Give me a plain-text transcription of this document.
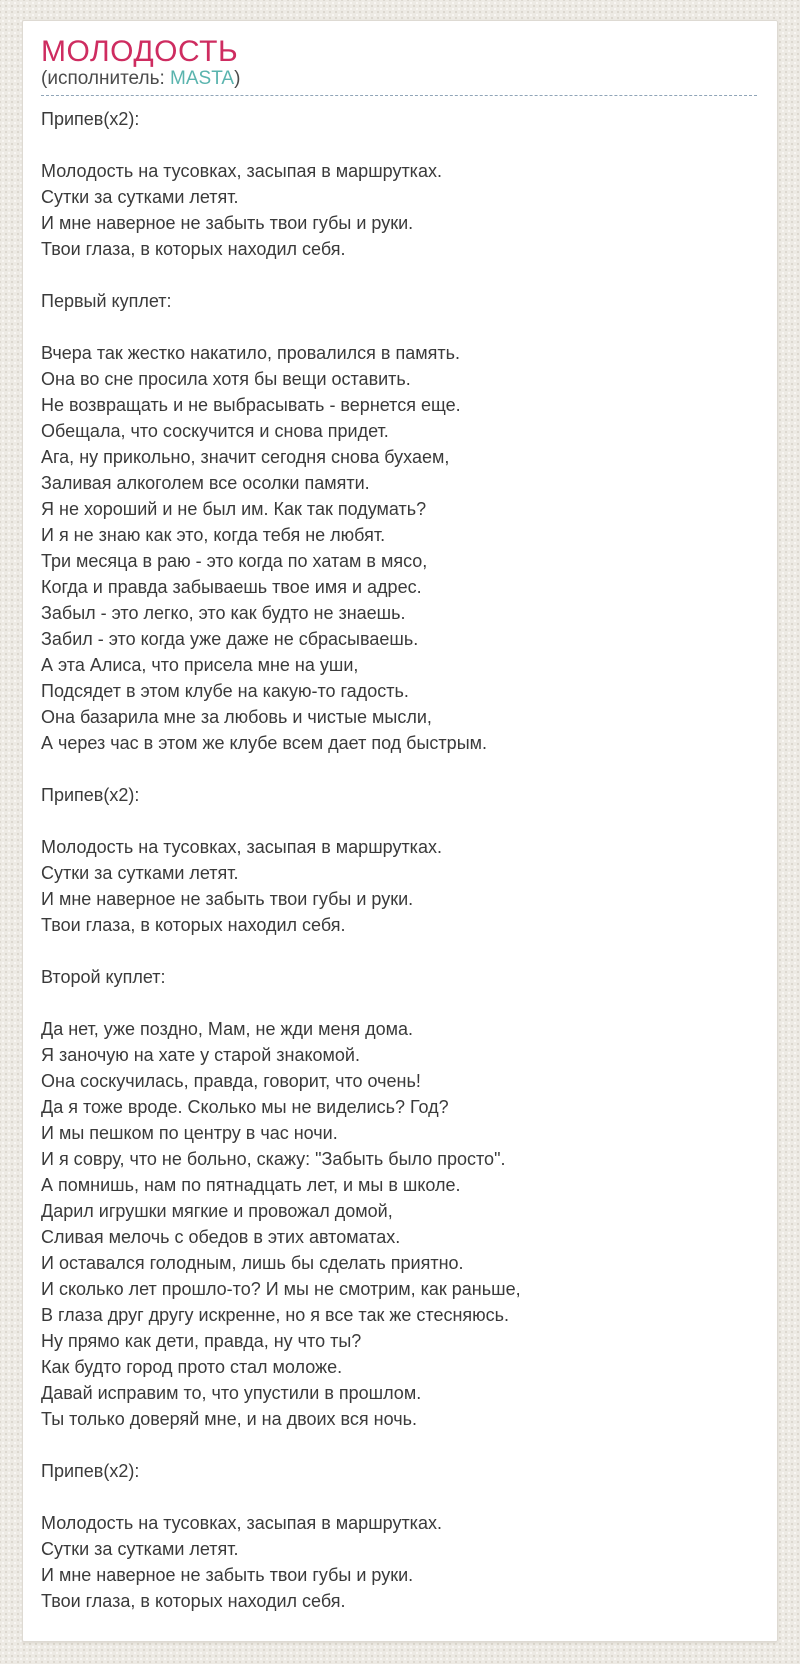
МОЛОДОСТЬ
(исполнитель: MASTA)
Припев(х2):

Молодость на тусовках, засыпая в маршрутках.
Сутки за сутками летят.
И мне наверное не забыть твои губы и руки.
Твои глаза, в которых находил себя.

Первый куплет:

Вчера так жестко накатило, провалился в память.
Она во сне просила хотя бы вещи оставить.
Не возвращать и не выбрасывать - вернется еще.
Обещала, что соскучится и снова придет.
Ага, ну прикольно, значит сегодня снова бухаем,
Заливая алкоголем все осолки памяти.
Я не хороший и не был им. Как так подумать?
И я не знаю как это, когда тебя не любят.
Три месяца в раю - это когда по хатам в мясо,
Когда и правда забываешь твое имя и адрес.
Забыл - это легко, это как будто не знаешь.
Забил - это когда уже даже не сбрасываешь.
А эта Алиса, что присела мне на уши,
Подсядет в этом клубе на какую-то гадость.
Она базарила мне за любовь и чистые мысли,
А через час в этом же клубе всем дает под быстрым.

Припев(х2):

Молодость на тусовках, засыпая в маршрутках.
Сутки за сутками летят.
И мне наверное не забыть твои губы и руки.
Твои глаза, в которых находил себя.

Второй куплет:

Да нет, уже поздно, Мам, не жди меня дома.
Я заночую на хате у старой знакомой.
Она соскучилась, правда, говорит, что очень!
Да я тоже вроде. Сколько мы не виделись? Год?
И мы пешком по центру в час ночи.
И я совру, что не больно, скажу: "Забыть было просто".
А помнишь, нам по пятнадцать лет, и мы в школе.
Дарил игрушки мягкие и провожал домой,
Сливая мелочь с обедов в этих автоматах.
И оставался голодным, лишь бы сделать приятно.
И сколько лет прошло-то? И мы не смотрим, как раньше,
В глаза друг другу искренне, но я все так же стесняюсь.
Ну прямо как дети, правда, ну что ты?
Как будто город прото стал моложе.
Давай исправим то, что упустили в прошлом.
Ты только доверяй мне, и на двоих вся ночь.

Припев(х2):

Молодость на тусовках, засыпая в маршрутках.
Сутки за сутками летят.
И мне наверное не забыть твои губы и руки.
Твои глаза, в которых находил себя.
